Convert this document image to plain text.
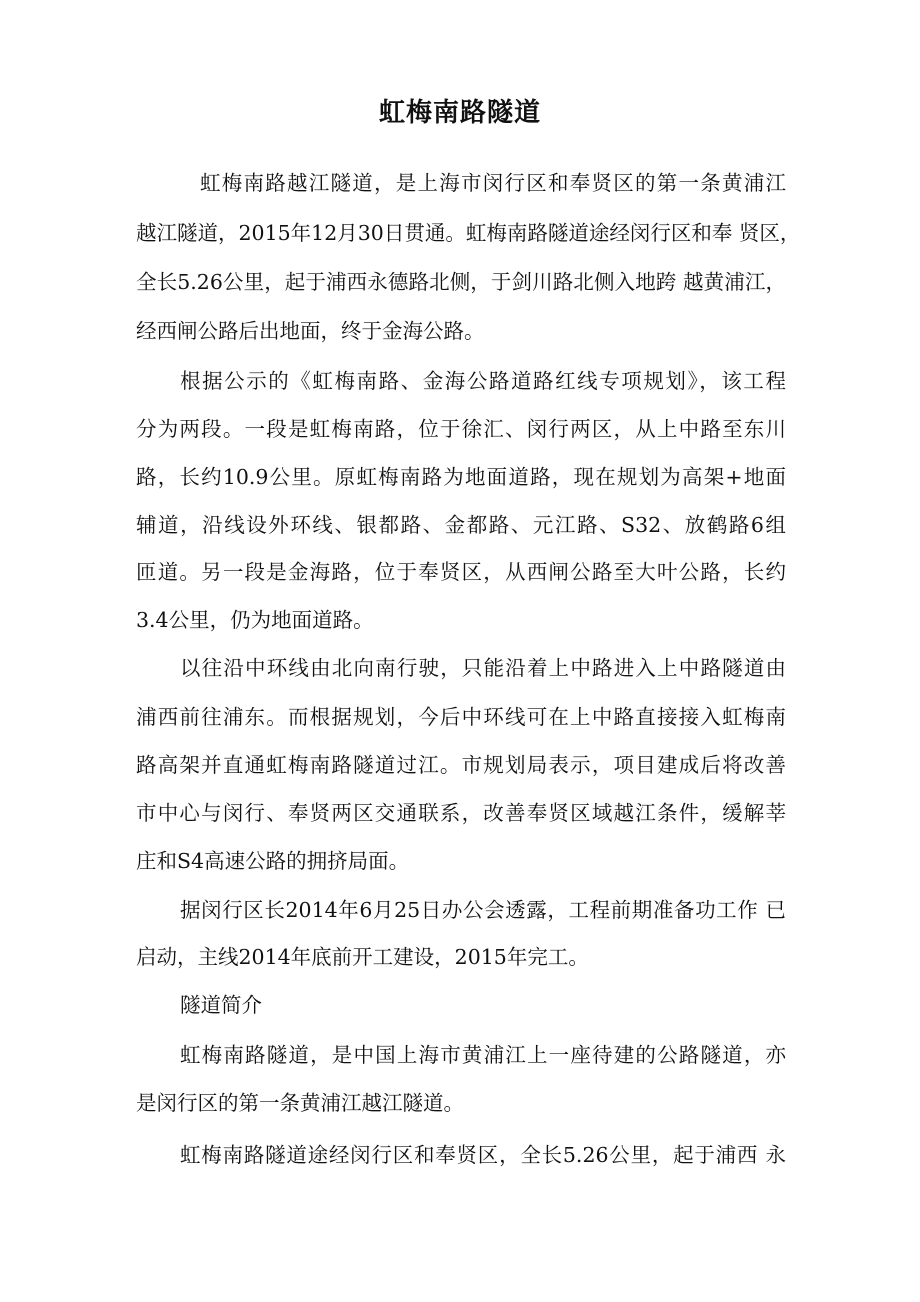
虹梅南路隧道
虹梅南路越江隧道，是上海市闵行区和奉贤区的第一条黄浦江
越江隧道，2015年12月30日贯通。虹梅南路隧道途经闵行区和奉 贤区，
全长5.26公里，起于浦西永德路北侧，于剑川路北侧入地跨 越黄浦江，
经西闸公路后出地面，终于金海公路。
根据公示的《虹梅南路、金海公路道路红线专项规划》，该工程
分为两段。一段是虹梅南路，位于徐汇、闵行两区，从上中路至东川
路，长约10.9公里。原虹梅南路为地面道路，现在规划为高架+地面
辅道，沿线设外环线、银都路、金都路、元江路、S32、放鹤路6组
匝道。另一段是金海路，位于奉贤区，从西闸公路至大叶公路，长约
3.4公里，仍为地面道路。
以往沿中环线由北向南行驶，只能沿着上中路进入上中路隧道由
浦西前往浦东。而根据规划，今后中环线可在上中路直接接入虹梅南
路高架并直通虹梅南路隧道过江。市规划局表示，项目建成后将改善
市中心与闵行、奉贤两区交通联系，改善奉贤区域越江条件，缓解莘
庄和S4高速公路的拥挤局面。
据闵行区长2014年6月25日办公会透露，工程前期准备功工作 已
启动，主线2014年底前开工建设，2015年完工。
隧道简介
虹梅南路隧道，是中国上海市黄浦江上一座待建的公路隧道，亦
是闵行区的第一条黄浦江越江隧道。
虹梅南路隧道途经闵行区和奉贤区，全长5.26公里，起于浦西 永
